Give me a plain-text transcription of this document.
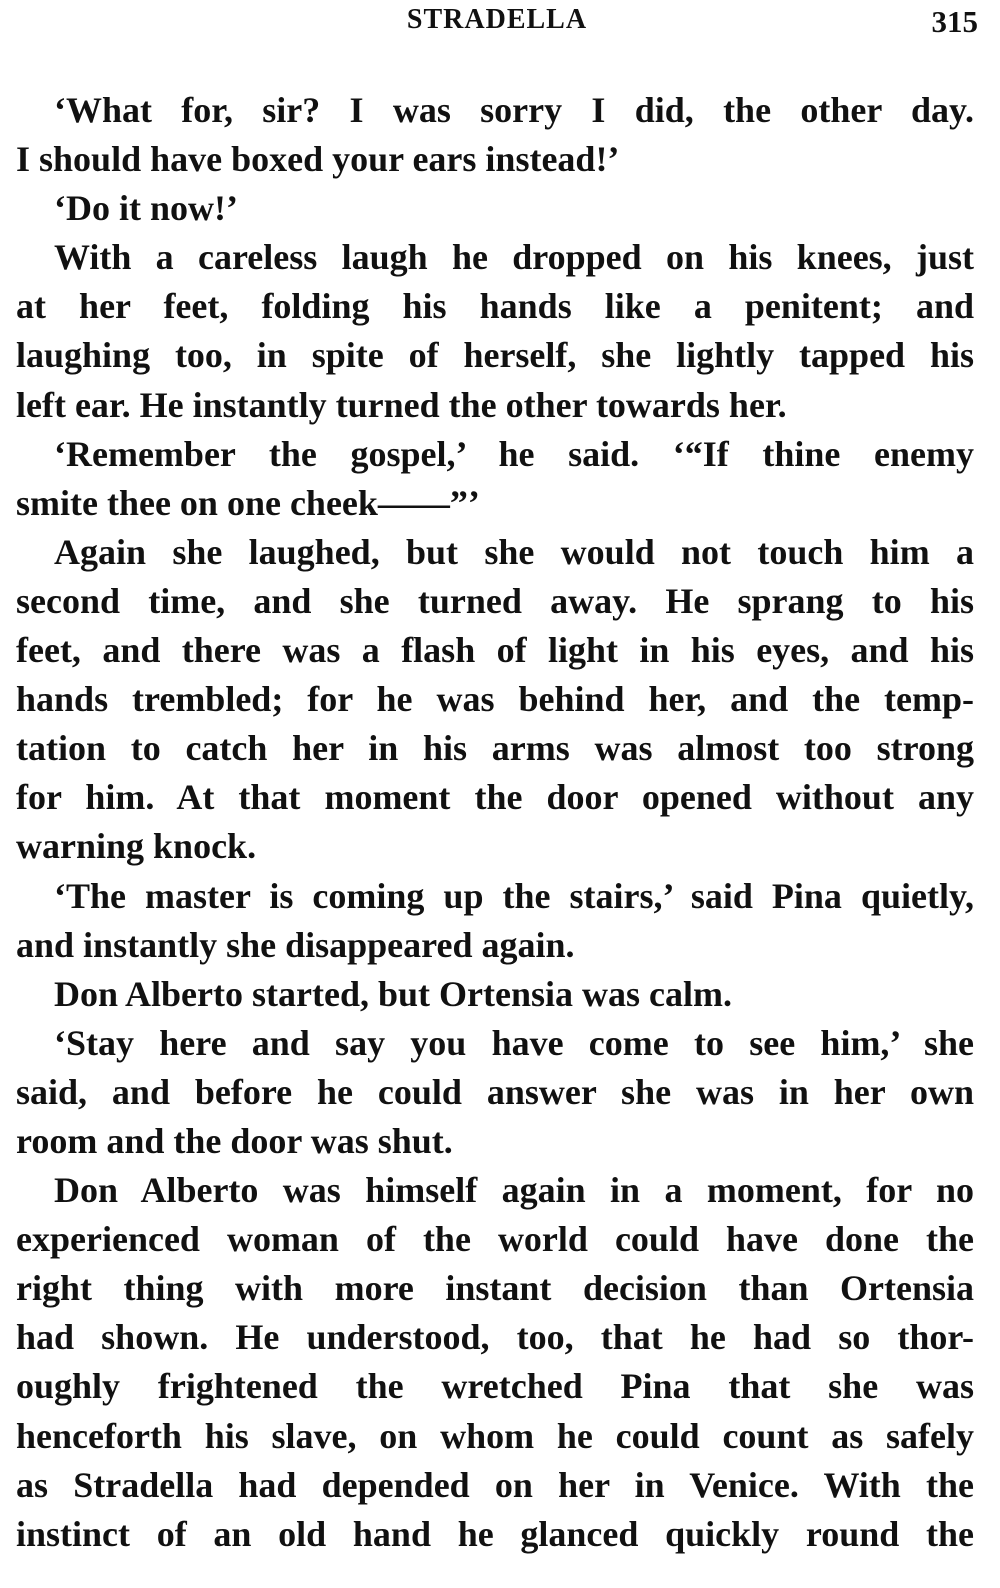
STRADELLA	315
‘What for, sir? I was sorry I did, the other day.
I should have boxed your ears instead!’
‘Do it now!’
With a careless laugh he dropped on his knees, just
at her feet, folding his hands like a penitent; and
laughing too, in spite of herself, she lightly tapped his
left ear. He instantly turned the other towards her.
‘Remember the gospel,’ he said. ‘“If thine enemy
smite thee on one cheek——”’
Again she laughed, but she would not touch him a
second time, and she turned away. He sprang to his
feet, and there was a flash of light in his eyes, and his
hands trembled; for he was behind her, and the temp-
tation to catch her in his arms was almost too strong
for him. At that moment the door opened without any
warning knock.
‘The master is coming up the stairs,’ said Pina quietly,
and instantly she disappeared again.
Don Alberto started, but Ortensia was calm.
‘Stay here and say you have come to see him,’ she
said, and before he could answer she was in her own
room and the door was shut.
Don Alberto was himself again in a moment, for no
experienced woman of the world could have done the
right thing with more instant decision than Ortensia
had shown. He understood, too, that he had so thor-
oughly frightened the wretched Pina that she was
henceforth his slave, on whom he could count as safely
as Stradella had depended on her in Venice. With the
instinct of an old hand he glanced quickly round the
